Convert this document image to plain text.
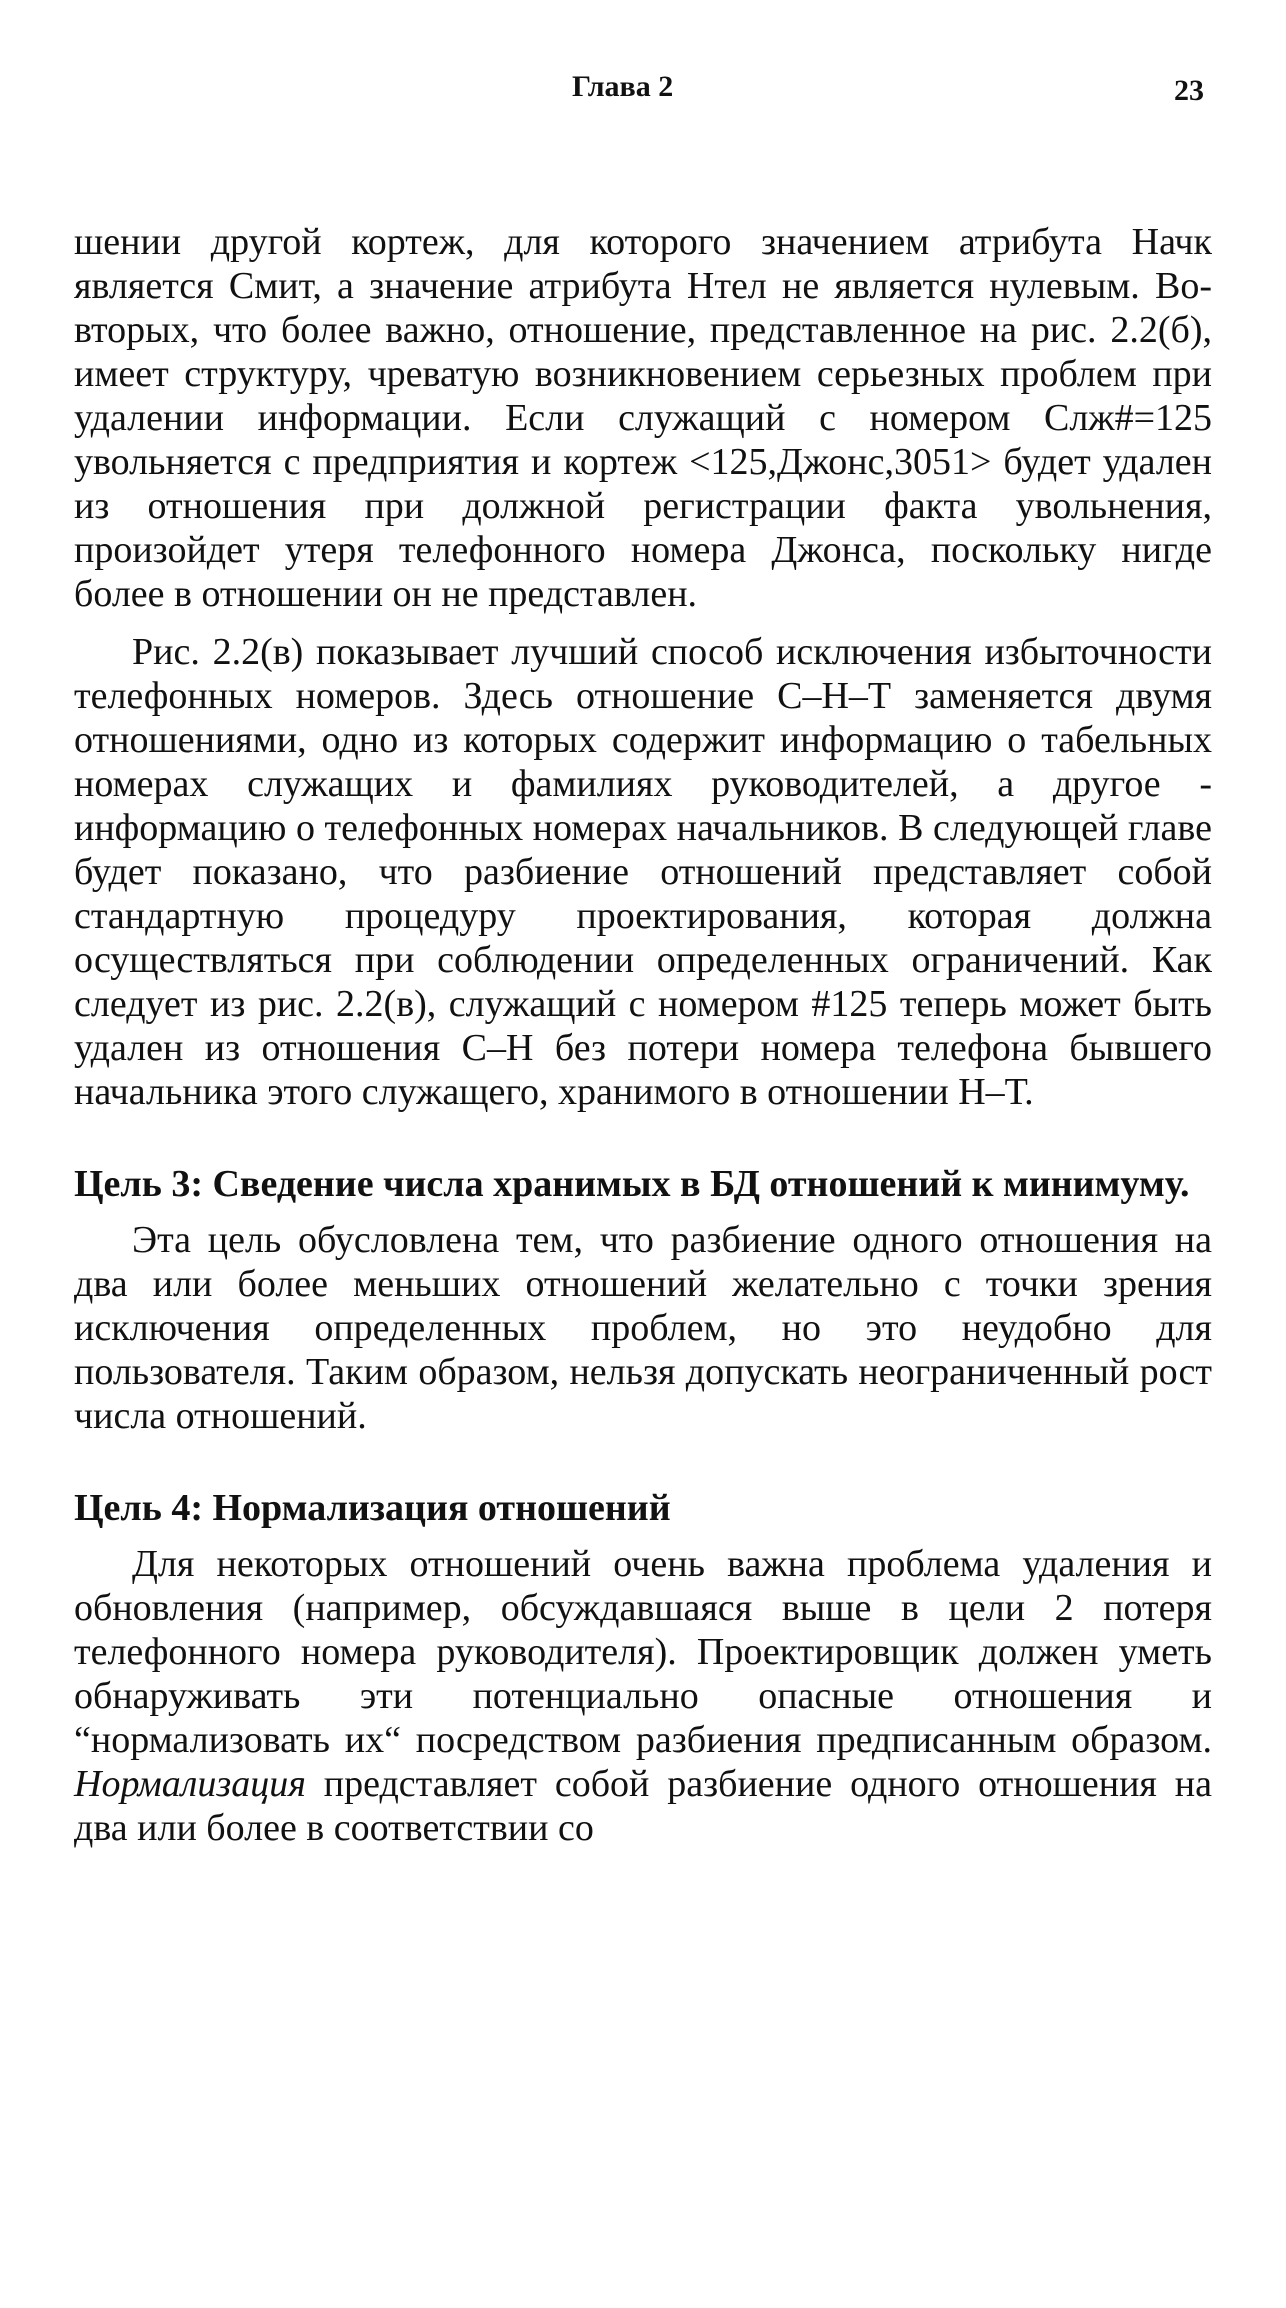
Глава 2	23

шении другой кортеж, для которого значением атрибута Начк является Смит, а значение атрибута Нтел не является нулевым. Во-вторых, что более важно, отношение, представленное на рис. 2.2(б), имеет структуру, чреватую возникновением серьезных проблем при удалении информации. Если служащий с номером Слж#=125 увольняется с предприятия и кортеж <125,Джонс,3051> будет удален из отношения при должной регистрации факта увольнения, произойдет утеря телефонного номера Джонса, поскольку нигде более в отношении он не представлен.

Рис. 2.2(в) показывает лучший способ исключения избыточности телефонных номеров. Здесь отношение С–Н–Т заменяется двумя отношениями, одно из которых содержит информацию о табельных номерах служащих и фамилиях руководителей, а другое - информацию о телефонных номерах начальников. В следующей главе будет показано, что разбиение отношений представляет собой стандартную процедуру проектирования, которая должна осуществляться при соблюдении определенных ограничений. Как следует из рис. 2.2(в), служащий с номером #125 теперь может быть удален из отношения С–Н без потери номера телефона бывшего начальника этого служащего, хранимого в отношении Н–Т.

Цель 3: Сведение числа хранимых в БД отношений к минимуму.

Эта цель обусловлена тем, что разбиение одного отношения на два или более меньших отношений желательно с точки зрения исключения определенных проблем, но это неудобно для пользователя. Таким образом, нельзя допускать неограниченный рост числа отношений.

Цель 4: Нормализация отношений

Для некоторых отношений очень важна проблема удаления и обновления (например, обсуждавшаяся выше в цели 2 потеря телефонного номера руководителя). Проектировщик должен уметь обнаруживать эти потенциально опасные отношения и “нормализовать их“ посредством разбиения предписанным образом. Нормализация представляет собой разбиение одного отношения на два или более в соответствии со
